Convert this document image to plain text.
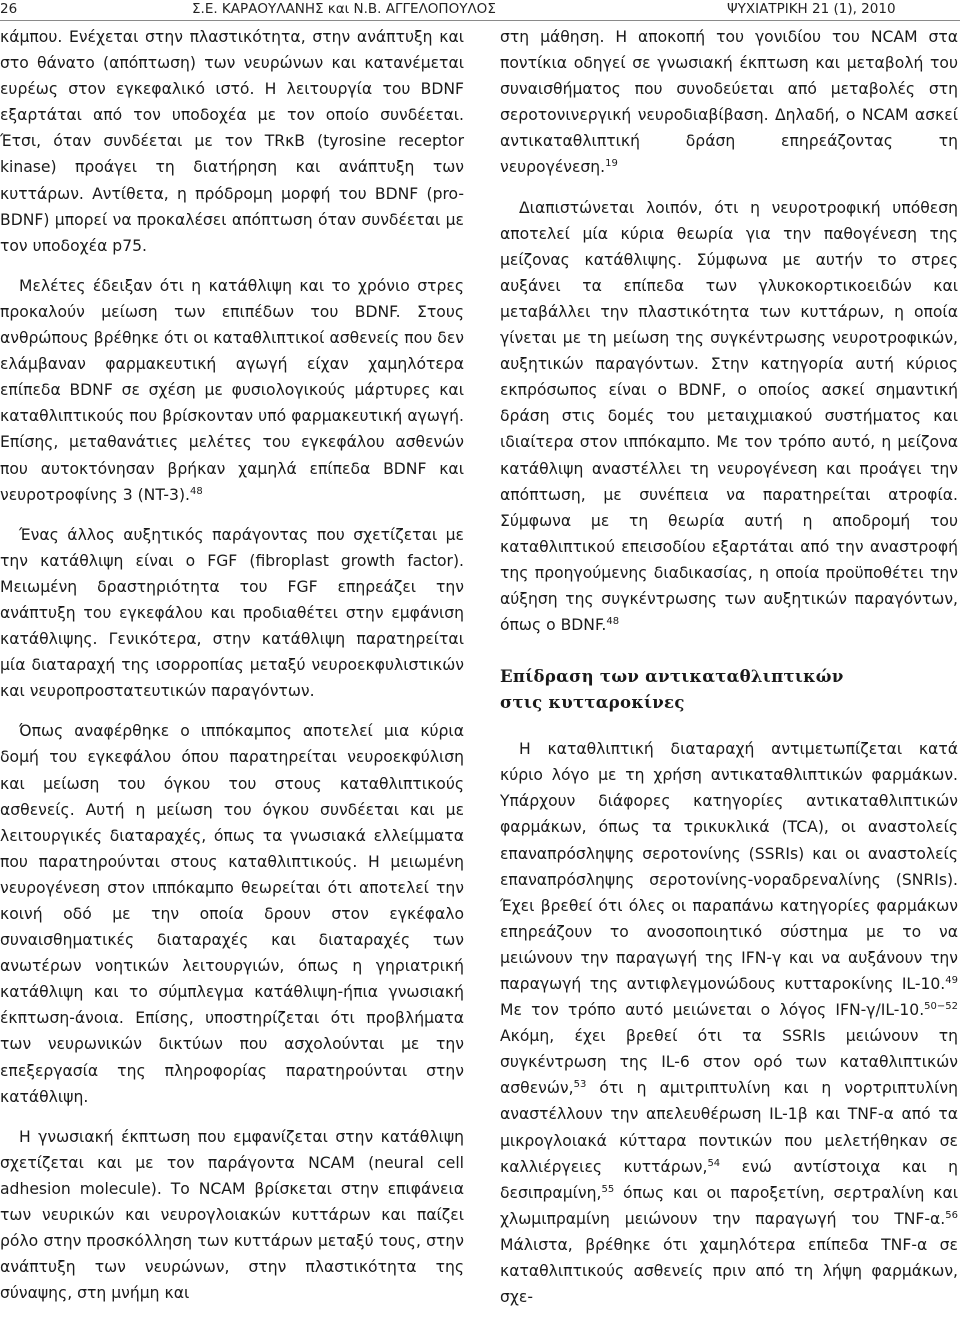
26	Σ.Ε. ΚΑΡΑΟΥΛΑΝΗΣ και Ν.Β. ΑΓΓΕΛΟΠΟΥΛΟΣ	ΨΥΧΙΑΤΡΙΚΗ 21 (1), 2010

κάμπου. Ενέχεται στην πλαστικότητα, στην ανάπτυξη και στο θάνατο (απόπτωση) των νευρώνων και κατανέμεται ευρέως στον εγκεφαλικό ιστό. Η λειτουργία του BDNF εξαρτάται από τον υποδοχέα με τον οποίο συνδέεται. Έτσι, όταν συνδέεται με τον TRκB (tyrosine receptor kinase) προάγει τη διατήρηση και ανάπτυξη των κυττάρων. Αντίθετα, η πρόδρομη μορφή του BDNF (pro-BDNF) μπορεί να προκαλέσει απόπτωση όταν συνδέεται με τον υποδοχέα p75.

Μελέτες έδειξαν ότι η κατάθλιψη και το χρόνιο στρες προκαλούν μείωση των επιπέδων του BDNF. Στους ανθρώπους βρέθηκε ότι οι καταθλιπτικοί ασθενείς που δεν ελάμβαναν φαρμακευτική αγωγή είχαν χαμηλότερα επίπεδα BDNF σε σχέση με φυσιολογικούς μάρτυρες και καταθλιπτικούς που βρίσκονταν υπό φαρμακευτική αγωγή. Επίσης, μεταθανάτιες μελέτες του εγκεφάλου ασθενών που αυτοκτόνησαν βρήκαν χαμηλά επίπεδα BDNF και νευροτροφίνης 3 (NT-3).$^{48}$

Ένας άλλος αυξητικός παράγοντας που σχετίζεται με την κατάθλιψη είναι ο FGF (fibroplast growth factor). Μειωμένη δραστηριότητα του FGF επηρεάζει την ανάπτυξη του εγκεφάλου και προδιαθέτει στην εμφάνιση κατάθλιψης. Γενικότερα, στην κατάθλιψη παρατηρείται μία διαταραχή της ισορροπίας μεταξύ νευροεκφυλιστικών και νευροπροστατευτικών παραγόντων.

Όπως αναφέρθηκε ο ιππόκαμπος αποτελεί μια κύρια δομή του εγκεφάλου όπου παρατηρείται νευροεκφύλιση και μείωση του όγκου του στους καταθλιπτικούς ασθενείς. Αυτή η μείωση του όγκου συνδέεται και με λειτουργικές διαταραχές, όπως τα γνωσιακά ελλείμματα που παρατηρούνται στους καταθλιπτικούς. Η μειωμένη νευρογένεση στον ιππόκαμπο θεωρείται ότι αποτελεί την κοινή οδό με την οποία δρουν στον εγκέφαλο συναισθηματικές διαταραχές και διαταραχές των ανωτέρων νοητικών λειτουργιών, όπως η γηριατρική κατάθλιψη και το σύμπλεγμα κατάθλιψη-ήπια γνωσιακή έκπτωση-άνοια. Επίσης, υποστηρίζεται ότι προβλήματα των νευρωνικών δικτύων που ασχολούνται με την επεξεργασία της πληροφορίας παρατηρούνται στην κατάθλιψη.

Η γνωσιακή έκπτωση που εμφανίζεται στην κατάθλιψη σχετίζεται και με τον παράγοντα NCAM (neural cell adhesion molecule). Το NCAM βρίσκεται στην επιφάνεια των νευρικών και νευρογλοιακών κυττάρων και παίζει ρόλο στην προσκόλληση των κυττάρων μεταξύ τους, στην ανάπτυξη των νευρώνων, στην πλαστικότητα της σύναψης, στη μνήμη και

στη μάθηση. Η αποκοπή του γονιδίου του NCAM στα ποντίκια οδηγεί σε γνωσιακή έκπτωση και μεταβολή του συναισθήματος που συνοδεύεται από μεταβολές στη σεροτονινεργική νευροδιαβίβαση. Δηλαδή, ο NCAM ασκεί αντικαταθλιπτική δράση επηρεάζοντας τη νευρογένεση.$^{19}$

Διαπιστώνεται λοιπόν, ότι η νευροτροφική υπόθεση αποτελεί μία κύρια θεωρία για την παθογένεση της μείζονας κατάθλιψης. Σύμφωνα με αυτήν το στρες αυξάνει τα επίπεδα των γλυκοκορτικοειδών και μεταβάλλει την πλαστικότητα των κυττάρων, η οποία γίνεται με τη μείωση της συγκέντρωσης νευροτροφικών, αυξητικών παραγόντων. Στην κατηγορία αυτή κύριος εκπρόσωπος είναι ο BDNF, ο οποίος ασκεί σημαντική δράση στις δομές του μεταιχμιακού συστήματος και ιδιαίτερα στον ιππόκαμπο. Με τον τρόπο αυτό, η μείζονα κατάθλιψη αναστέλλει τη νευρογένεση και προάγει την απόπτωση, με συνέπεια να παρατηρείται ατροφία. Σύμφωνα με τη θεωρία αυτή η αποδρομή του καταθλιπτικού επεισοδίου εξαρτάται από την αναστροφή της προηγούμενης διαδικασίας, η οποία προϋποθέτει την αύξηση της συγκέντρωσης των αυξητικών παραγόντων, όπως ο BDNF.$^{48}$

Επίδραση των αντικαταθλιπτικών
στις κυτταροκίνες

Η καταθλιπτική διαταραχή αντιμετωπίζεται κατά κύριο λόγο με τη χρήση αντικαταθλιπτικών φαρμάκων. Υπάρχουν διάφορες κατηγορίες αντικαταθλιπτικών φαρμάκων, όπως τα τρικυκλικά (TCA), οι αναστολείς επαναπρόσληψης σεροτονίνης (SSRIs) και οι αναστολείς επαναπρόσληψης σεροτονίνης-νοραδρεναλίνης (SNRIs). Έχει βρεθεί ότι όλες οι παραπάνω κατηγορίες φαρμάκων επηρεάζουν το ανοσοποιητικό σύστημα με το να μειώνουν την παραγωγή της IFN-γ και να αυξάνουν την παραγωγή της αντιφλεγμονώδους κυτταροκίνης IL-10.49 Με τον τρόπο αυτό μειώνεται ο λόγος IFN-γ/IL-10.$^{50-52}$ Ακόμη, έχει βρεθεί ότι τα SSRIs μειώνουν τη συγκέντρωση της IL-6 στον ορό των καταθλιπτικών ασθενών,$^{53}$ ότι η αμιτριπτυλίνη και η νορτριπτυλίνη αναστέλλουν την απελευθέρωση IL-1β και TNF-α από τα μικρογλοιακά κύτταρα ποντικών που μελετήθηκαν σε καλλιέργειες κυττάρων,$^{54}$ ενώ αντίστοιχα και η δεσιπραμίνη,$^{55}$ όπως και οι παροξετίνη, σερτραλίνη και χλωμιπραμίνη μειώνουν την παραγωγή του TNF-α.$^{56}$ Μάλιστα, βρέθηκε ότι χαμηλότερα επίπεδα TNF-α σε καταθλιπτικούς ασθενείς πριν από τη λήψη φαρμάκων, σχε-
